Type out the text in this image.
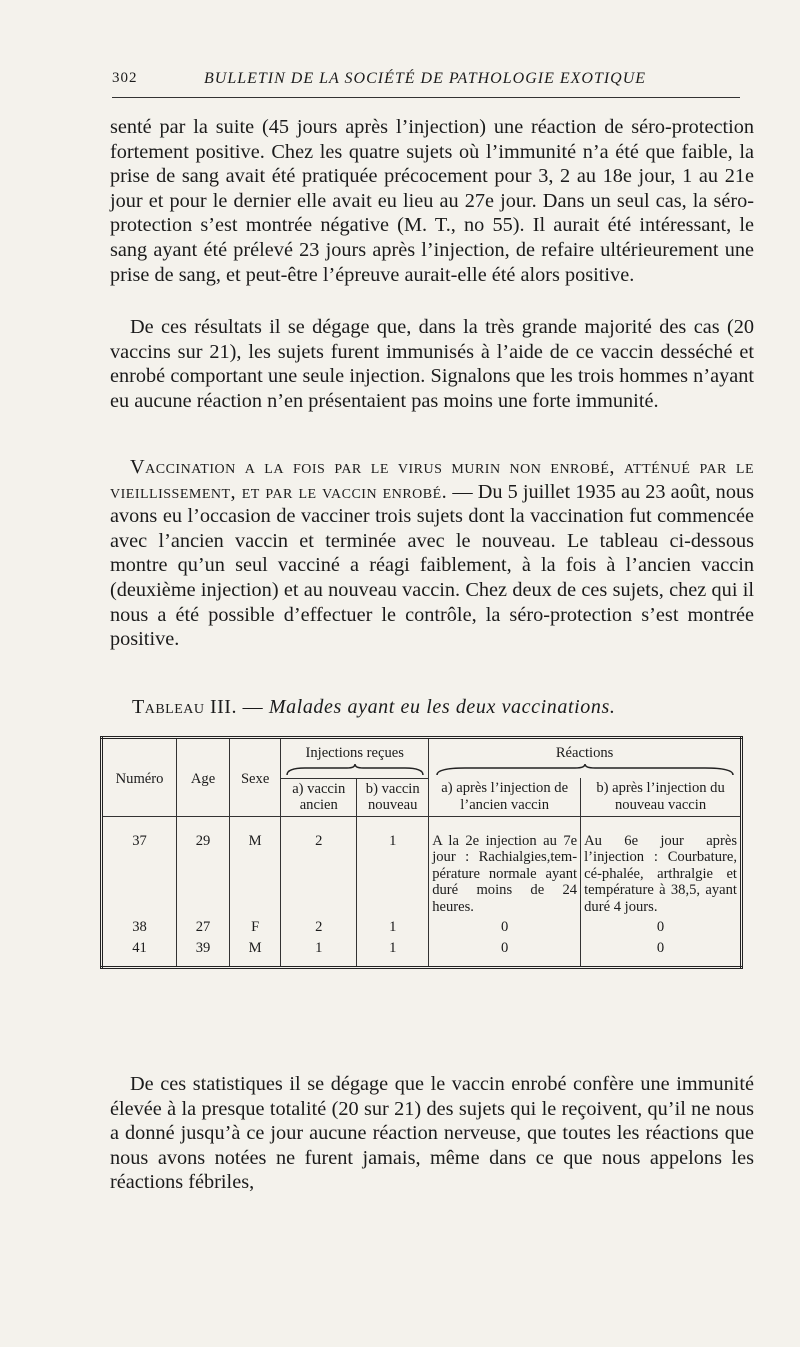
302	BULLETIN DE LA SOCIÉTÉ DE PATHOLOGIE EXOTIQUE

senté par la suite (45 jours après l’injection) une réaction de séro-protection fortement positive. Chez les quatre sujets où l’immunité n’a été que faible, la prise de sang avait été pratiquée précocement pour 3, 2 au 18e jour, 1 au 21e jour et pour le dernier elle avait eu lieu au 27e jour. Dans un seul cas, la séro-protection s’est montrée négative (M. T., no 55). Il aurait été intéressant, le sang ayant été prélevé 23 jours après l’injection, de refaire ultérieurement une prise de sang, et peut-être l’épreuve aurait-elle été alors positive.

De ces résultats il se dégage que, dans la très grande majorité des cas (20 vaccins sur 21), les sujets furent immunisés à l’aide de ce vaccin desséché et enrobé comportant une seule injection. Signalons que les trois hommes n’ayant eu aucune réaction n’en présentaient pas moins une forte immunité.

Vaccination a la fois par le virus murin non enrobé, atténué par le vieillissement, et par le vaccin enrobé. — Du 5 juillet 1935 au 23 août, nous avons eu l’occasion de vacciner trois sujets dont la vaccination fut commencée avec l’ancien vaccin et terminée avec le nouveau. Le tableau ci-dessous montre qu’un seul vacciné a réagi faiblement, à la fois à l’ancien vaccin (deuxième injection) et au nouveau vaccin. Chez deux de ces sujets, chez qui il nous a été possible d’effectuer le contrôle, la séro-protection s’est montrée positive.

Tableau III. — Malades ayant eu les deux vaccinations.
Numéro	Age	Sexe	Injections reçues		Réactions	

			a) vaccin ancien	b) vaccin nouveau	a) après l’injection de l’ancien vaccin	b) après l’injection du nouveau vaccin

37	29	M	2	1	A la 2e injection au 7e jour : Rachialgies,tem-pérature normale ayant duré moins de 24 heures.	Au 6e jour après l’injection : Courbature, cé-phalée, arthralgie et température à 38,5, ayant duré 4 jours.
38	27	F	2	1	0	0
41	39	M	1	1	0	0

De ces statistiques il se dégage que le vaccin enrobé confère une immunité élevée à la presque totalité (20 sur 21) des sujets qui le reçoivent, qu’il ne nous a donné jusqu’à ce jour aucune réaction nerveuse, que toutes les réactions que nous avons notées ne furent jamais, même dans ce que nous appelons les réactions fébriles,
